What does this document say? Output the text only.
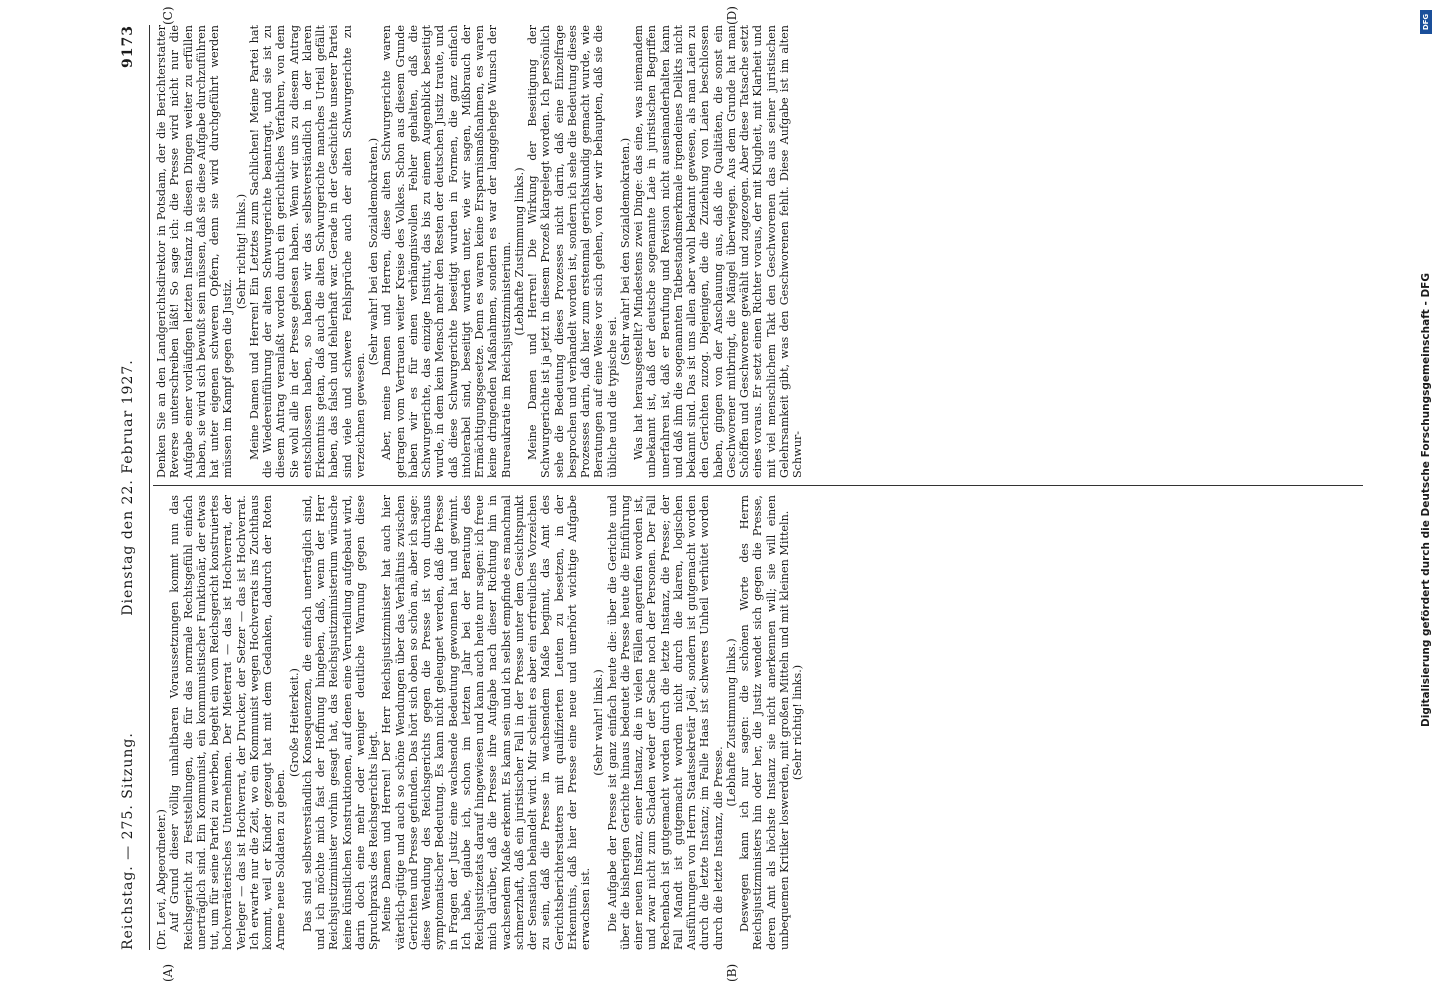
Reichstag. — 275. Sitzung.
Dienstag den 22. Februar 1927.
9173
(A)	(B)
(C)	(D)

(Dr. Levi, Abgeordneter.) Auf Grund dieser völlig unhaltbaren Voraussetzungen kommt nun das Reichsgericht zu Feststellungen, die für das normale Rechtsgefühl einfach unerträglich sind. Ein Kommunist, ein kommunistischer Funktionär, der etwas tut, um für seine Partei zu werben, begeht ein vom Reichsgericht konstruiertes hochverräterisches Unternehmen. Der Mieterrat — das ist Hochverrat, der Verleger — das ist Hochverrat, der Drucker, der Setzer — das ist Hochverrat. Ich erwarte nur die Zeit, wo ein Kommunist wegen Hochverrats ins Zuchthaus kommt, weil er Kinder gezeugt hat mit dem Gedanken, dadurch der Roten Armee neue Soldaten zu geben.

(Große Heiterkeit.) Das sind selbstverständlich Konsequenzen, die einfach unerträglich sind, und ich möchte mich fast der Hoffnung hingeben, daß, wenn der Herr Reichsjustizminister vorhin gesagt hat, das Reichsjustizministerium wünsche keine künstlichen Konstruktionen, auf denen eine Verurteilung aufgebaut wird, darin doch eine mehr oder weniger deutliche Warnung gegen diese Spruchpraxis des Reichsgerichts liegt. Meine Damen und Herren! Der Herr Reichsjustizminister hat auch hier väterlich-gütige und auch so schöne Wendungen über das Verhältnis zwischen Gerichten und Presse gefunden. Das hört sich oben so schön an, aber ich sage: diese Wendung des Reichsgerichts gegen die Presse ist von durchaus symptomatischer Bedeutung. Es kann nicht geleugnet werden, daß die Presse in Fragen der Justiz eine wachsende Bedeutung gewonnen hat und gewinnt. Ich habe, glaube ich, schon im letzten Jahr bei der Beratung des Reichsjustizetats darauf hingewiesen und kann auch heute nur sagen: ich freue mich darüber, daß die Presse ihre Aufgabe nach dieser Richtung hin in wachsendem Maße erkennt. Es kann sein und ich selbst empfinde es manchmal schmerzhaft, daß ein juristischer Fall in der Presse unter dem Gesichtspunkt der Sensation behandelt wird. Mir scheint es aber ein erfreuliches Vorzeichen zu sein, daß die Presse in wachsendem Maße beginnt, das Amt des Gerichtsberichterstatters mit qualifizierten Leuten zu besetzen, in der Erkenntnis, daß hier der Presse eine neue und unerhört wichtige Aufgabe erwachsen ist.

(Sehr wahr! links.) Die Aufgabe der Presse ist ganz einfach heute die: über die Gerichte und über die bisherigen Gerichte hinaus bedeutet die Presse heute die Einführung einer neuen Instanz, einer Instanz, die in vielen Fällen angerufen worden ist, und zwar nicht zum Schaden weder der Sache noch der Personen. Der Fall Rechenbach ist gutgemacht worden durch die letzte Instanz, die Presse; der Fall Mandt ist gutgemacht worden nicht durch die klaren, logischen Ausführungen von Herrn Staatssekretär Joël, sondern ist gutgemacht worden durch die letzte Instanz; im Falle Haas ist schweres Unheil verhütet worden durch die letzte Instanz, die Presse.

(Lebhafte Zustimmung links.) Deswegen kann ich nur sagen: die schönen Worte des Herrn Reichsjustizministers hin oder her, die Justiz wendet sich gegen die Presse, deren Amt als höchste Instanz sie nicht anerkennen will; sie will einen unbequemen Kritiker loswerden, mit großen Mitteln und mit kleinen Mitteln. (Sehr richtig! links.)

Denken Sie an den Landgerichtsdirektor in Potsdam, der die Berichterstatter Reverse unterschreiben läßt! So sage ich: die Presse wird nicht nur die Aufgabe einer vorläufigen letzten Instanz in diesen Dingen weiter zu erfüllen haben, sie wird sich bewußt sein müssen, daß sie diese Aufgabe durchzuführen hat unter eigenen schweren Opfern, denn sie wird durchgeführt werden müssen im Kampf gegen die Justiz.

(Sehr richtig! links.) Meine Damen und Herren! Ein Letztes zum Sachlichen! Meine Partei hat die Wiedereinführung der alten Schwurgerichte beantragt, und sie ist zu diesem Antrag veranlaßt worden durch ein gerichtliches Verfahren, von dem Sie wohl alle in der Presse gelesen haben. Wenn wir uns zu diesem Antrag entschlossen haben, so haben wir das selbstverständlich in der klaren Erkenntnis getan, daß auch die alten Schwurgerichte manches Urteil gefällt haben, das falsch und fehlerhaft war. Gerade in der Geschichte unserer Partei sind viele und schwere Fehlsprüche auch der alten Schwurgerichte zu verzeichnen gewesen.

(Sehr wahr! bei den Sozialdemokraten.) Aber, meine Damen und Herren, diese alten Schwurgerichte waren getragen vom Vertrauen weiter Kreise des Volkes. Schon aus diesem Grunde haben wir es für einen verhängnisvollen Fehler gehalten, daß die Schwurgerichte, das einzige Institut, das bis zu einem Augenblick beseitigt wurde, in dem kein Mensch mehr den Resten der deutschen Justiz traute, und daß diese Schwurgerichte beseitigt wurden in Formen, die ganz einfach intolerabel sind, beseitigt wurden unter, wie wir sagen, Mißbrauch der Ermächtigungsgesetze. Denn es waren keine Ersparnismaßnahmen, es waren keine dringenden Maßnahmen, sondern es war der langgehegte Wunsch der Bureaukratie im Reichsjustizministerium. (Lebhafte Zustimmung links.) Meine Damen und Herren! Die Wirkung der Beseitigung der Schwurgerichte ist ja jetzt in diesem Prozeß klargelegt worden. Ich persönlich sehe die Bedeutung dieses Prozesses nicht darin, daß eine Einzelfrage besprochen und verhandelt worden ist, sondern ich sehe die Bedeutung dieses Prozesses darin, daß hier zum erstenmal gerichtskundig gemacht wurde, wie Beratungen auf eine Weise vor sich gehen, von der wir behaupten, daß sie die übliche und die typische sei.

(Sehr wahr! bei den Sozialdemokraten.) Was hat herausgestellt? Mindestens zwei Dinge: das eine, was niemandem unbekannt ist, daß der deutsche sogenannte Laie in juristischen Begriffen unerfahren ist, daß er Berufung und Revision nicht auseinanderhalten kann und daß ihm die sogenannten Tatbestandsmerkmale irgendeines Delikts nicht bekannt sind. Das ist uns allen aber wohl bekannt gewesen, als man Laien zu den Gerichten zuzog. Diejenigen, die die Zuziehung von Laien beschlossen haben, gingen von der Anschauung aus, daß die Qualitäten, die sonst ein Geschworener mitbringt, die Mängel überwiegen. Aus dem Grunde hat man Schöffen und Geschworene gewählt und zugezogen. Aber diese Tatsache setzt eines voraus. Er setzt einen Richter voraus, der mit Klugheit, mit Klarheit und mit viel menschlichem Takt den Geschworenen das aus seiner juristischen Gelehrsamkeit gibt, was den Geschworenen fehlt. Diese Aufgabe ist im alten Schwur-

DFG
Digitalisierung gefördert durch die Deutsche Forschungsgemeinschaft - DFG
